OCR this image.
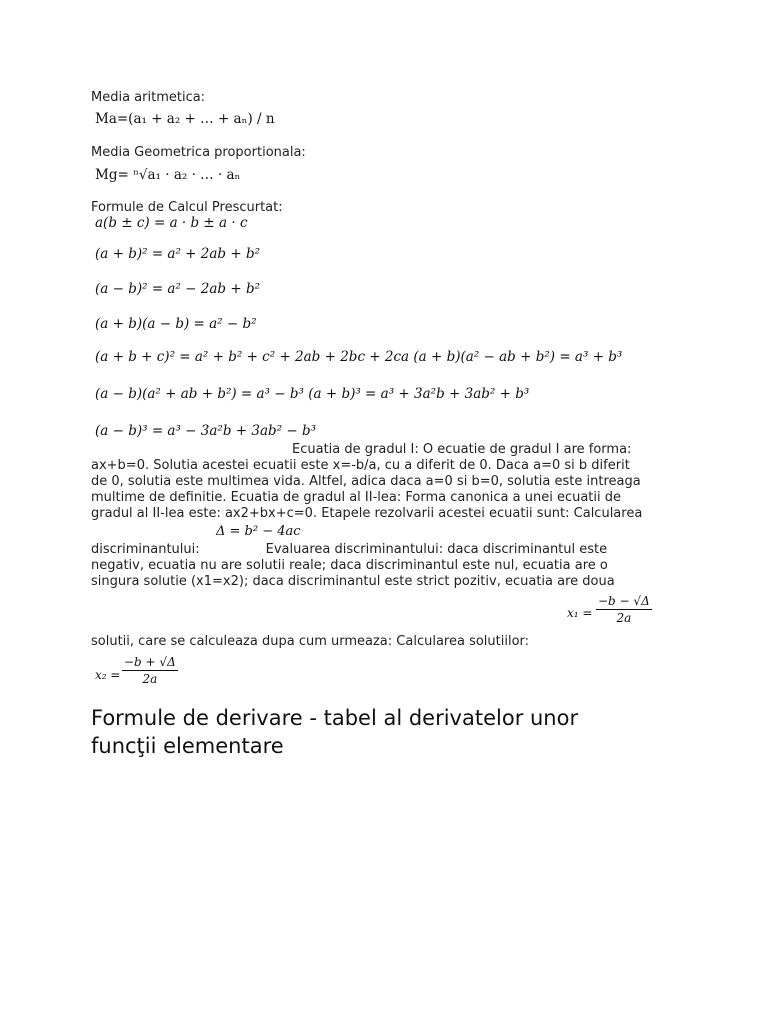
Media aritmetica:
Ma=(a₁ + a₂ + … + aₙ) / n
Media Geometrica proportionala:
Mg= ⁿ√a₁ · a₂ · … · aₙ
Formule de Calcul Prescurtat:
a(b ± c) = a · b ± a · c
(a + b)² = a² + 2ab + b²
(a − b)² = a² − 2ab + b²
(a + b)(a − b) = a² − b²
(a + b + c)² = a² + b² + c² + 2ab + 2bc + 2ca (a + b)(a² − ab + b²) = a³ + b³
(a − b)(a² + ab + b²) = a³ − b³ (a + b)³ = a³ + 3a²b + 3ab² + b³
(a − b)³ = a³ − 3a²b + 3ab² − b³
Ecuatia de gradul I: O ecuatie de gradul I are forma:
ax+b=0. Solutia acestei ecuatii este x=-b/a, cu a diferit de 0. Daca a=0 si b diferit
de 0, solutia este multimea vida. Altfel, adica daca a=0 si b=0, solutia este intreaga
multime de definitie. Ecuatia de gradul al II-lea: Forma canonica a unei ecuatii de
gradul al II-lea este: ax2+bx+c=0. Etapele rezolvarii acestei ecuatii sunt: Calcularea
Δ = b² − 4ac
discriminantului:	Evaluarea discriminantului: daca discriminantul este
negativ, ecuatia nu are solutii reale; daca discriminantul este nul, ecuatia are o
singura solutie (x1=x2); daca discriminantul este strict pozitiv, ecuatia are doua
$x_1 = \frac{-b - √\Delta}{2a}$
solutii, care se calculeaza dupa cum urmeaza: Calcularea solutiilor:
$x_2 = \frac{-b + √\Delta}{2a}$
Formule de derivare - tabel al derivatelor unor
funcţii elementare
